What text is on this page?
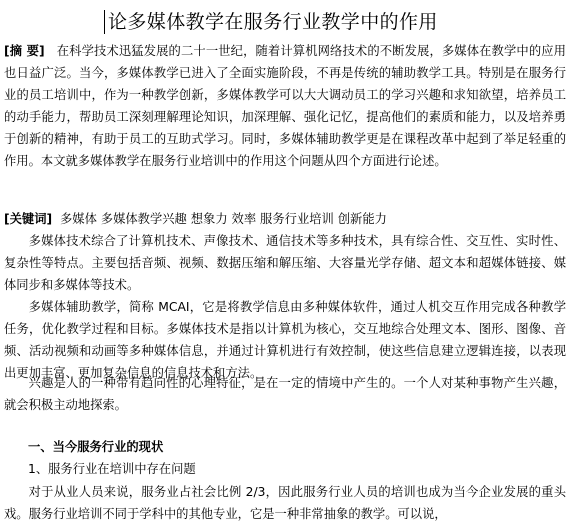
论多媒体教学在服务行业教学中的作用

[摘 要] 在科学技术迅猛发展的二十一世纪，随着计算机网络技术的不断发展，多媒体在教学中的应用也日益广泛。当今，多媒体教学已进入了全面实施阶段，不再是传统的辅助教学工具。特别是在服务行业的员工培训中，作为一种教学创新，多媒体教学可以大大调动员工的学习兴趣和求知欲望，培养员工的动手能力，帮助员工深刻理解理论知识，加深理解、强化记忆，提高他们的素质和能力，以及培养勇于创新的精神，有助于员工的互助式学习。同时，多媒体辅助教学更是在课程改革中起到了举足轻重的作用。本文就多媒体教学在服务行业培训中的作用这个问题从四个方面进行论述。

[关键词] 多媒体 多媒体教学兴趣 想象力 效率 服务行业培训 创新能力

多媒体技术综合了计算机技术、声像技术、通信技术等多种技术，具有综合性、交互性、实时性、复杂性等特点。主要包括音频、视频、数据压缩和解压缩、大容量光学存储、超文本和超媒体链接、媒体同步和多媒体等技术。

多媒体辅助教学，简称 MCAI，它是将教学信息由多种媒体软件，通过人机交互作用完成各种教学任务，优化教学过程和目标。多媒体技术是指以计算机为核心，交互地综合处理文本、图形、图像、音频、活动视频和动画等多种媒体信息，并通过计算机进行有效控制，使这些信息建立逻辑连接，以表现出更加丰富、更加复杂信息的信息技术和方法。

兴趣是人的一种带有趋向性的心理特征，是在一定的情境中产生的。一个人对某种事物产生兴趣，就会积极主动地探索。

一、当今服务行业的现状
1、服务行业在培训中存在问题

对于从业人员来说，服务业占社会比例 2/3，因此服务行业人员的培训也成为当今企业发展的重头戏。服务行业培训不同于学科中的其他专业，它是一种非常抽象的教学。可以说，
